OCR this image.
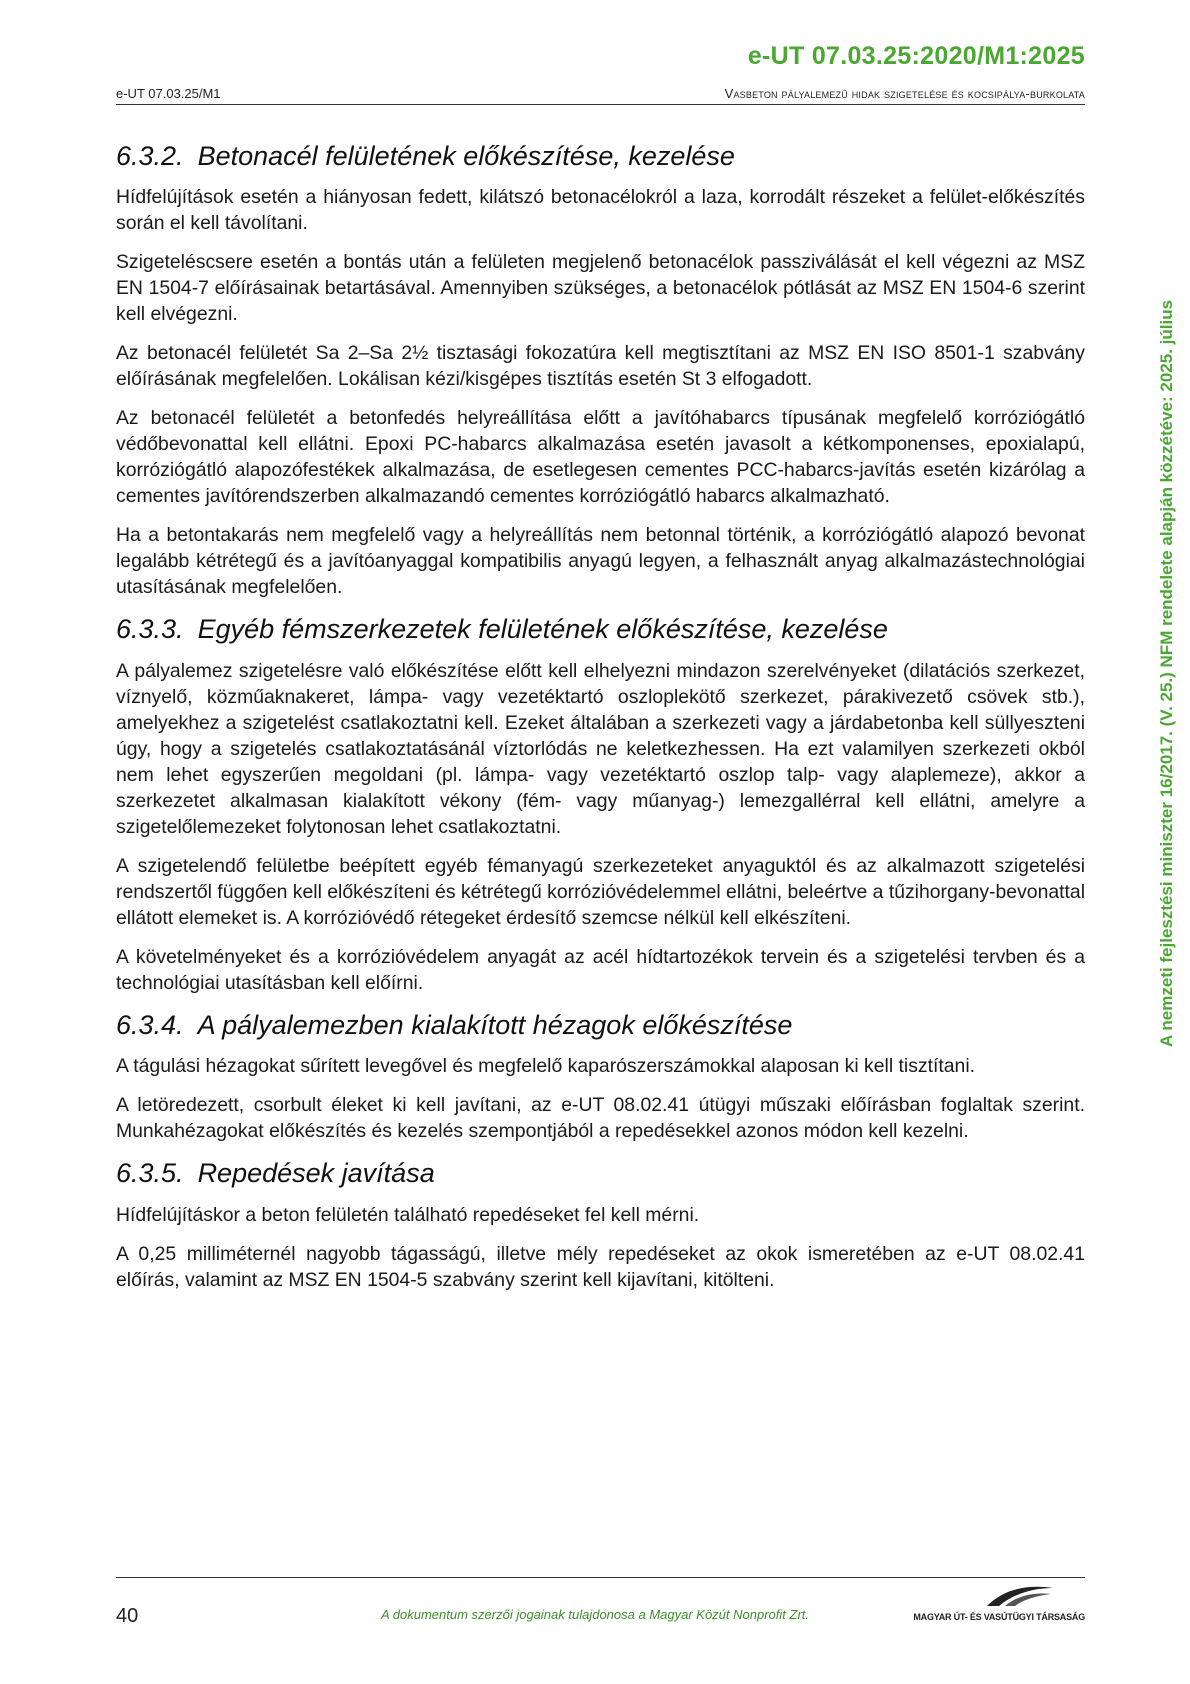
e-UT 07.03.25:2020/M1:2025
e-UT 07.03.25/M1	Vasbeton pályalemezű hidak szigetelése és kocsipálya-burkolata
A nemzeti fejlesztési miniszter 16/2017. (V. 25.) NFM rendelete alapján közzétéve: 2025. július
6.3.2. Betonacél felületének előkészítése, kezelése

Hídfelújítások esetén a hiányosan fedett, kilátszó betonacélokról a laza, korrodált részeket a felület-előkészítés során el kell távolítani.

Szigeteléscsere esetén a bontás után a felületen megjelenő betonacélok passziválását el kell végezni az MSZ EN 1504-7 előírásainak betartásával. Amennyiben szükséges, a betonacélok pótlását az MSZ EN 1504-6 szerint kell elvégezni.

Az betonacél felületét Sa 2–Sa 2½ tisztasági fokozatúra kell megtisztítani az MSZ EN ISO 8501-1 szabvány előírásának megfelelően. Lokálisan kézi/kisgépes tisztítás esetén St 3 elfogadott.

Az betonacél felületét a betonfedés helyreállítása előtt a javítóhabarcs típusának megfelelő korróziógátló védőbevonattal kell ellátni. Epoxi PC-habarcs alkalmazása esetén javasolt a kétkomponenses, epoxialapú, korróziógátló alapozófestékek alkalmazása, de esetlegesen cementes PCC-habarcs-javítás esetén kizárólag a cementes javítórendszerben alkalmazandó cementes korróziógátló habarcs alkalmazható.

Ha a betontakarás nem megfelelő vagy a helyreállítás nem betonnal történik, a korróziógátló alapozó bevonat legalább kétrétegű és a javítóanyaggal kompatibilis anyagú legyen, a felhasznált anyag alkalmazástechnológiai utasításának megfelelően.

6.3.3. Egyéb fémszerkezetek felületének előkészítése, kezelése

A pályalemez szigetelésre való előkészítése előtt kell elhelyezni mindazon szerelvényeket (dilatációs szerkezet, víznyelő, közműaknakeret, lámpa- vagy vezetéktartó oszloplekötő szerkezet, párakivezető csövek stb.), amelyekhez a szigetelést csatlakoztatni kell. Ezeket általában a szerkezeti vagy a járdabetonba kell süllyeszteni úgy, hogy a szigetelés csatlakoztatásánál víztorlódás ne keletkezhessen. Ha ezt valamilyen szerkezeti okból nem lehet egyszerűen megoldani (pl. lámpa- vagy vezetéktartó oszlop talp- vagy alaplemeze), akkor a szerkezetet alkalmasan kialakított vékony (fém- vagy műanyag-) lemezgallérral kell ellátni, amelyre a szigetelőlemezeket folytonosan lehet csatlakoztatni.

A szigetelendő felületbe beépített egyéb fémanyagú szerkezeteket anyaguktól és az alkalmazott szigetelési rendszertől függően kell előkészíteni és kétrétegű korrózióvédelemmel ellátni, beleértve a tűzihorgany-bevonattal ellátott elemeket is. A korrózióvédő rétegeket érdesítő szemcse nélkül kell elkészíteni.

A követelményeket és a korrózióvédelem anyagát az acél hídtartozékok tervein és a szigetelési tervben és a technológiai utasításban kell előírni.

6.3.4. A pályalemezben kialakított hézagok előkészítése

A tágulási hézagokat sűrített levegővel és megfelelő kaparószerszámokkal alaposan ki kell tisztítani.

A letöredezett, csorbult éleket ki kell javítani, az e-UT 08.02.41 útügyi műszaki előírásban foglaltak szerint. Munkahézagokat előkészítés és kezelés szempontjából a repedésekkel azonos módon kell kezelni.

6.3.5. Repedések javítása

Hídfelújításkor a beton felületén található repedéseket fel kell mérni.

A 0,25 milliméternél nagyobb tágasságú, illetve mély repedéseket az okok ismeretében az e-UT 08.02.41 előírás, valamint az MSZ EN 1504-5 szabvány szerint kell kijavítani, kitölteni.

40	A dokumentum szerzői jogainak tulajdonosa a Magyar Közút Nonprofit Zrt.	MAGYAR ÚT- ÉS VASÚTÜGYI TÁRSASÁG
